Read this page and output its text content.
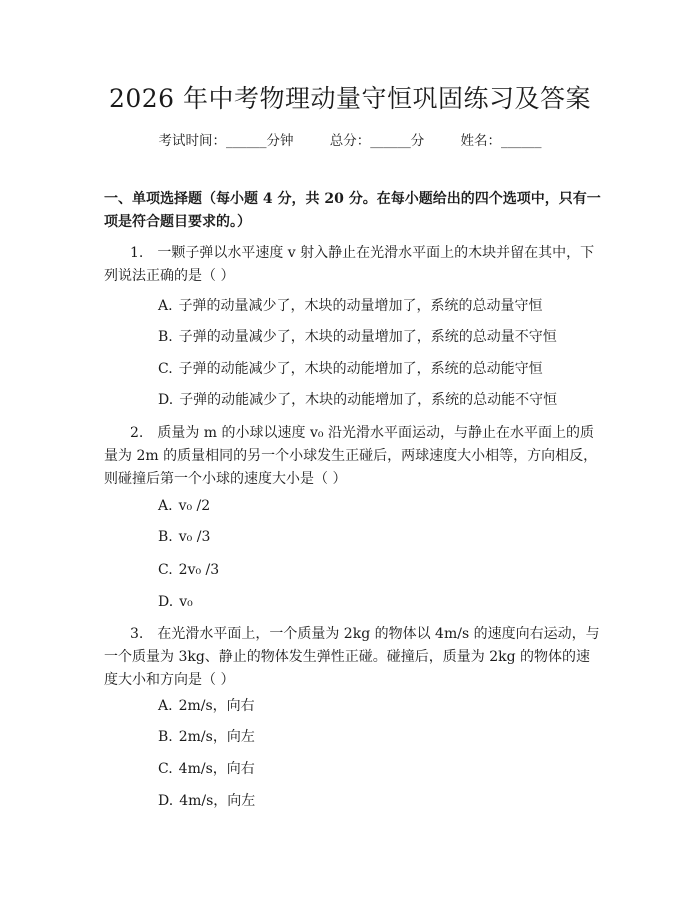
2026 年中考物理动量守恒巩固练习及答案
考试时间：______分钟	总分：______分	姓名：______
一、单项选择题（每小题 4 分，共 20 分。在每小题给出的四个选项中，只有一项是符合题目要求的。）
1.　一颗子弹以水平速度 v 射入静止在光滑水平面上的木块并留在其中，下列说法正确的是（ ）
A. 子弹的动量减少了，木块的动量增加了，系统的总动量守恒
B. 子弹的动量减少了，木块的动量增加了，系统的总动量不守恒
C. 子弹的动能减少了，木块的动能增加了，系统的总动能守恒
D. 子弹的动能减少了，木块的动能增加了，系统的总动能不守恒
2.　质量为 m 的小球以速度 v₀ 沿光滑水平面运动，与静止在水平面上的质量为 2m 的质量相同的另一个小球发生正碰后，两球速度大小相等，方向相反，则碰撞后第一个小球的速度大小是（ ）
A. v₀ /2
B. v₀ /3
C. 2v₀ /3
D. v₀
3.　在光滑水平面上，一个质量为 2kg 的物体以 4m/s 的速度向右运动，与一个质量为 3kg、静止的物体发生弹性正碰。碰撞后，质量为 2kg 的物体的速度大小和方向是（ ）
A. 2m/s，向右
B. 2m/s，向左
C. 4m/s，向右
D. 4m/s，向左
